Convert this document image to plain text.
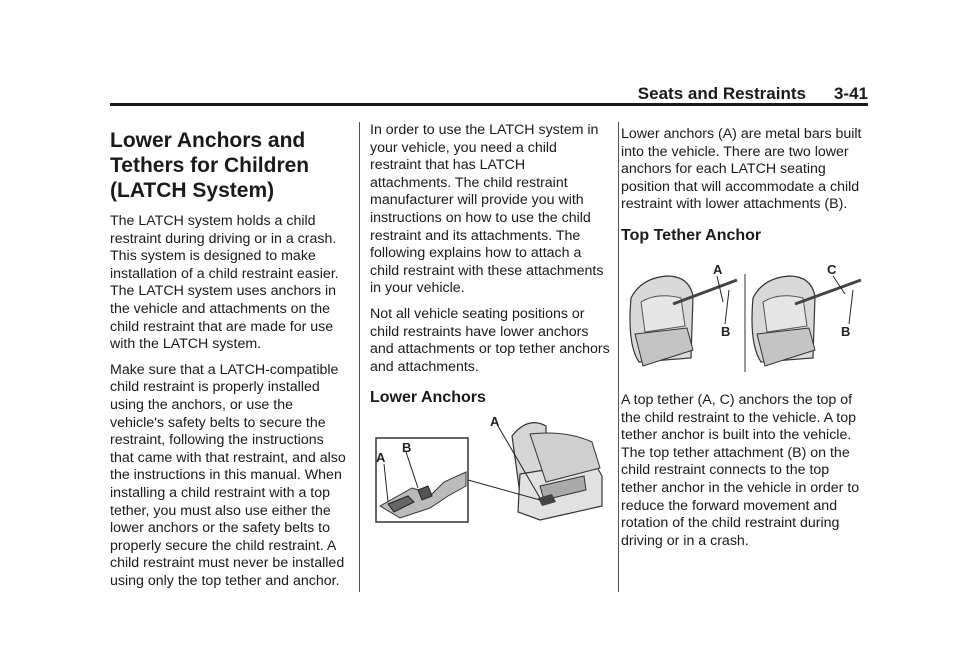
Seats and Restraints 3-41
Lower Anchors and Tethers for Children (LATCH System)

The LATCH system holds a child restraint during driving or in a crash. This system is designed to make installation of a child restraint easier. The LATCH system uses anchors in the vehicle and attachments on the child restraint that are made for use with the LATCH system.

Make sure that a LATCH-compatible child restraint is properly installed using the anchors, or use the vehicle's safety belts to secure the restraint, following the instructions that came with that restraint, and also the instructions in this manual. When installing a child restraint with a top tether, you must also use either the lower anchors or the safety belts to properly secure the child restraint. A child restraint must never be installed using only the top tether and anchor.

In order to use the LATCH system in your vehicle, you need a child restraint that has LATCH attachments. The child restraint manufacturer will provide you with instructions on how to use the child restraint and its attachments. The following explains how to attach a child restraint with these attachments in your vehicle.

Not all vehicle seating positions or child restraints have lower anchors and attachments or top tether anchors and attachments.

Lower Anchors
A
B
A

Lower anchors (A) are metal bars built into the vehicle. There are two lower anchors for each LATCH seating position that will accommodate a child restraint with lower attachments (B).

Top Tether Anchor
A
B
C
B

A top tether (A, C) anchors the top of the child restraint to the vehicle. A top tether anchor is built into the vehicle. The top tether attachment (B) on the child restraint connects to the top tether anchor in the vehicle in order to reduce the forward movement and rotation of the child restraint during driving or in a crash.
